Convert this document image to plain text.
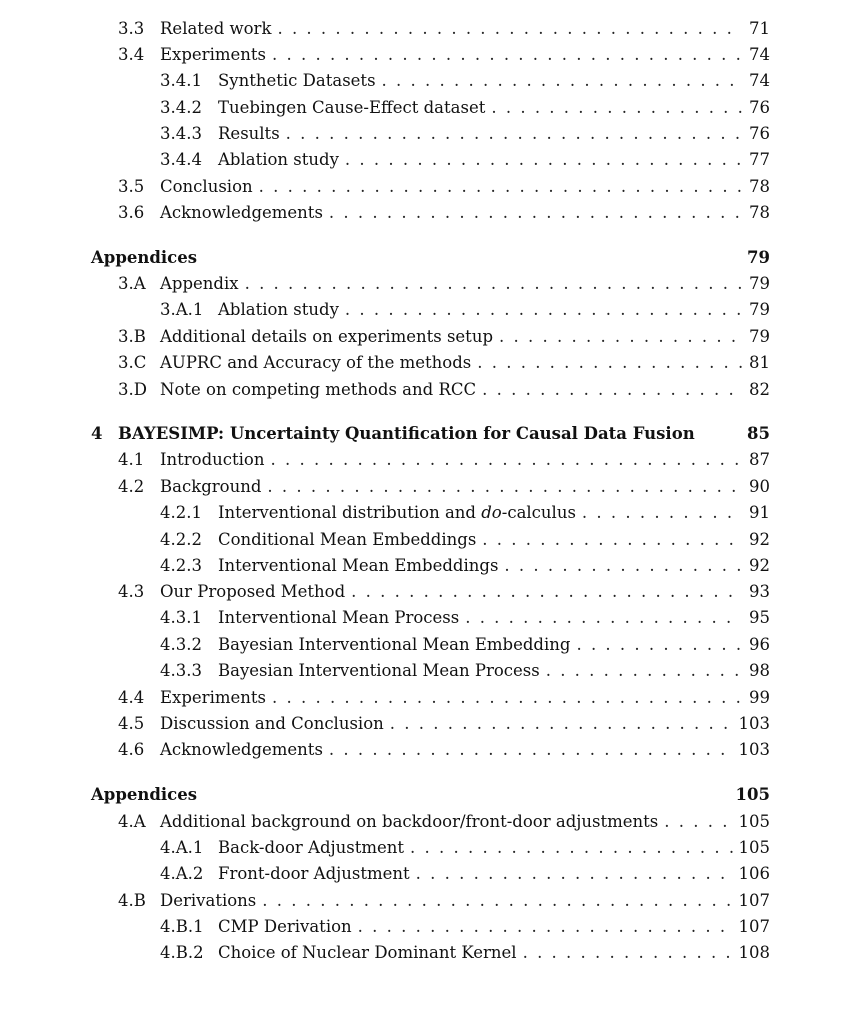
3.3 Related work . . .	71
3.4 Experiments . . .	74
3.4.1 Synthetic Datasets . . .	74
3.4.2 Tuebingen Cause-Effect dataset . . .	76
3.4.3 Results . . .	76
3.4.4 Ablation study . . .	77
3.5 Conclusion . . .	78
3.6 Acknowledgements . . .	78
Appendices	79
3.A Appendix . . .	79
3.A.1 Ablation study . . .	79
3.B Additional details on experiments setup . . .	79
3.C AUPRC and Accuracy of the methods . . .	81
3.D Note on competing methods and RCC . . .	82
4 BAYESIMP: Uncertainty Quantification for Causal Data Fusion	85
4.1 Introduction . . .	87
4.2 Background . . .	90
4.2.1 Interventional distribution and do-calculus . . .	91
4.2.2 Conditional Mean Embeddings . . .	92
4.2.3 Interventional Mean Embeddings . . .	92
4.3 Our Proposed Method . . .	93
4.3.1 Interventional Mean Process . . .	95
4.3.2 Bayesian Interventional Mean Embedding . . .	96
4.3.3 Bayesian Interventional Mean Process . . .	98
4.4 Experiments . . .	99
4.5 Discussion and Conclusion . . .	103
4.6 Acknowledgements . . .	103
Appendices	105
4.A Additional background on backdoor/front-door adjustments . . .	105
4.A.1 Back-door Adjustment . . .	105
4.A.2 Front-door Adjustment . . .	106
4.B Derivations . . .	107
4.B.1 CMP Derivation . . .	107
4.B.2 Choice of Nuclear Dominant Kernel . . .	108
